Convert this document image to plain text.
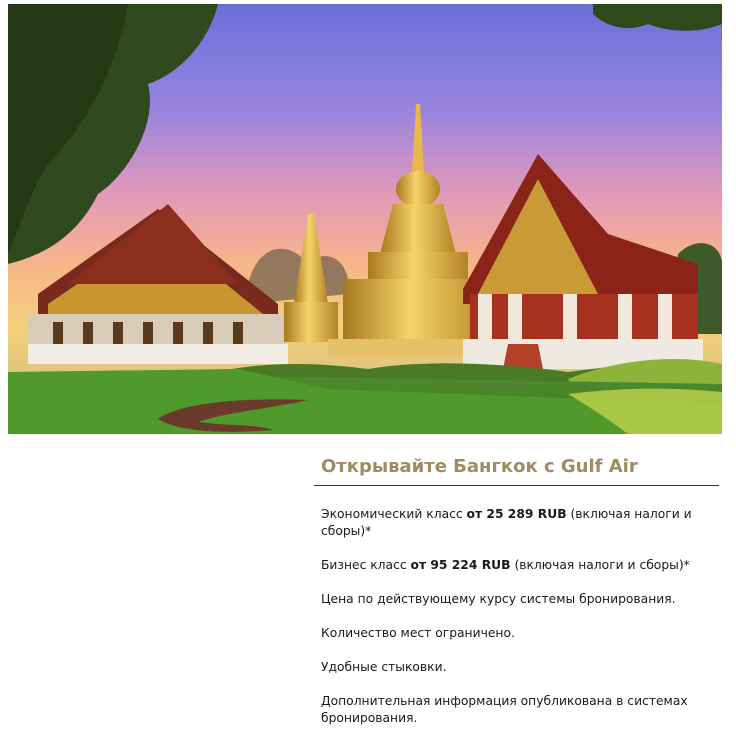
Открывайте Бангкок с Gulf Air

Экономический класс от 25 289 RUB (включая налоги и сборы)*

Бизнес класс от 95 224 RUB (включая налоги и сборы)*

Цена по действующему курсу системы бронирования.

Количество мест ограничено.

Удобные стыковки.

Дополнительная информация опубликована в системах бронирования.
